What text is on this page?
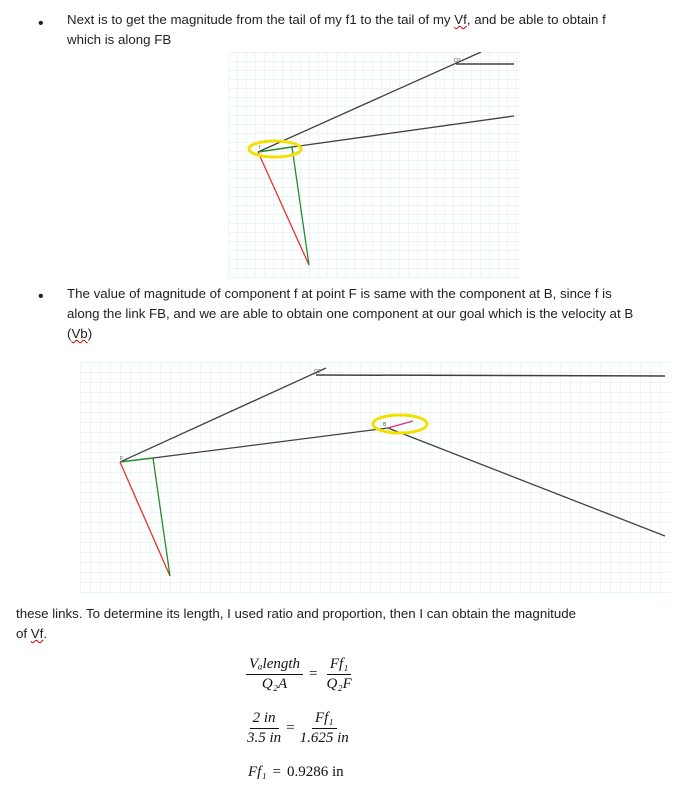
• Next is to get the magnitude from the tail of my f1 to the tail of my Vf, and be able to obtain f
which is along FB
f
Q2
• The value of magnitude of component f at point F is same with the component at B, since f is
along the link FB, and we are able to obtain one component at our goal which is the velocity at B
(Vb)
F
Q2
B
these links. To determine its length, I used ratio and proportion, then I can obtain the magnitude
of Vf.
$\frac{\text{Vₐlength}}{\text{Q₂A}} = \frac{\text{Ff₁}}{\text{Q₂F}}$
$\frac{2 in}{3.5 in} = \frac{\text{Ff₁}}{1.625 in}$
Ff₁ = 0.9286 in
